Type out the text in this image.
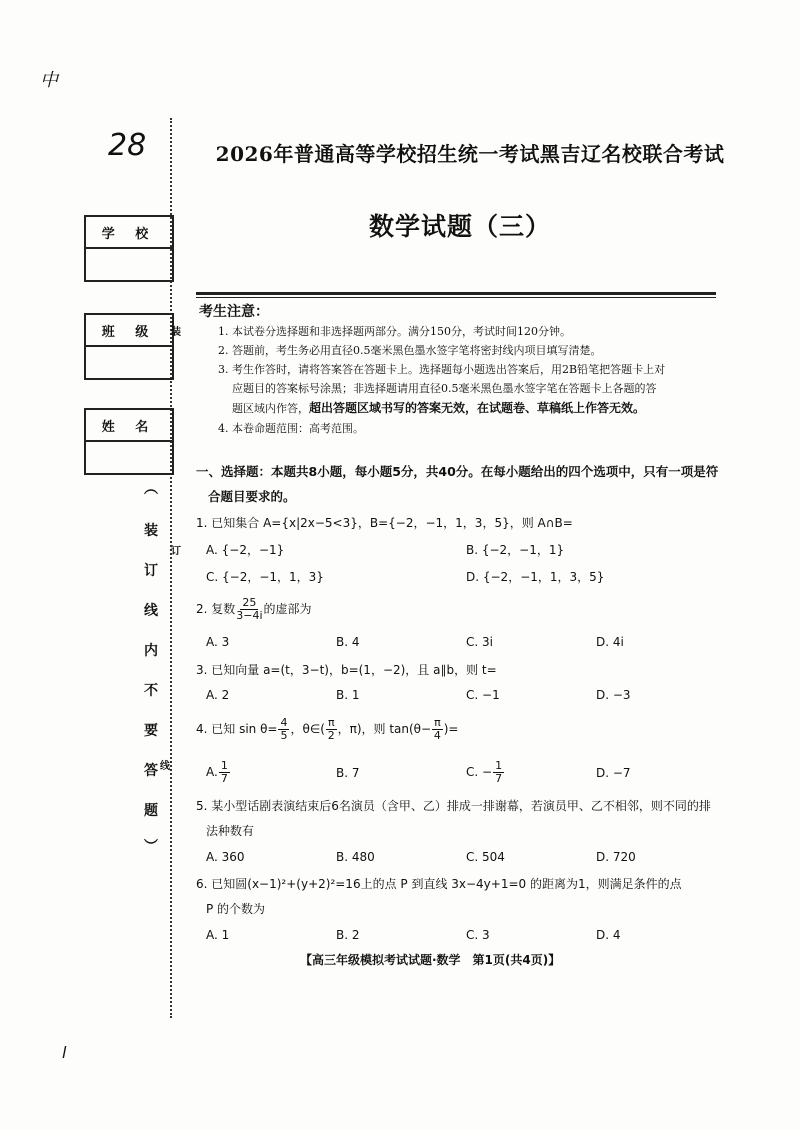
中
28
l
学 校
班 级
姓 名
装
订
线
︵
装
订
线
内
不
要
答
题
︶
2026年普通高等学校招生统一考试黑吉辽名校联合考试
数学试题（三）
考生注意：
1. 本试卷分选择题和非选择题两部分。满分150分，考试时间120分钟。
2. 答题前，考生务必用直径0.5毫米黑色墨水签字笔将密封线内项目填写清楚。
3. 考生作答时，请将答案答在答题卡上。选择题每小题选出答案后，用2B铅笔把答题卡上对
应题目的答案标号涂黑；非选择题请用直径0.5毫米黑色墨水签字笔在答题卡上各题的答
题区域内作答，超出答题区域书写的答案无效，在试题卷、草稿纸上作答无效。
4. 本卷命题范围：高考范围。
一、选择题：本题共8小题，每小题5分，共40分。在每小题给出的四个选项中，只有一项是符
合题目要求的。
1. 已知集合 A={x|2x−5<3}，B={−2，−1，1，3，5}，则 A∩B=
A. {−2，−1}	B. {−2，−1，1}
C. {−2，−1，1，3}	D. {−2，−1，1，3，5}
2. 复数 $\frac{25}{3-4i}$ 的虚部为
A. 3	B. 4	C. 3i	D. 4i
3. 已知向量 a=(t，3−t)，b=(1，−2)，且 a∥b，则 t=
A. 2	B. 1	C. −1	D. −3
4. 已知 $\sin \theta= \frac{4}{5}$ ，θ∈( $\frac{\pi}{2}$ ，π)，则 $\tan(\theta- \frac{\pi}{4}$ )=
A. $\frac{1}{7}$	B. 7	C. − $\frac{1}{7}$	D. −7
5. 某小型话剧表演结束后6名演员（含甲、乙）排成一排谢幕，若演员甲、乙不相邻，则不同的排
法种数有
A. 360	B. 480	C. 504	D. 720
6. 已知圆(x−1)²+(y+2)²=16上的点 P 到直线 3x−4y+1=0 的距离为1，则满足条件的点
P 的个数为
A. 1	B. 2	C. 3	D. 4
【高三年级模拟考试试题·数学　第1页(共4页)】
